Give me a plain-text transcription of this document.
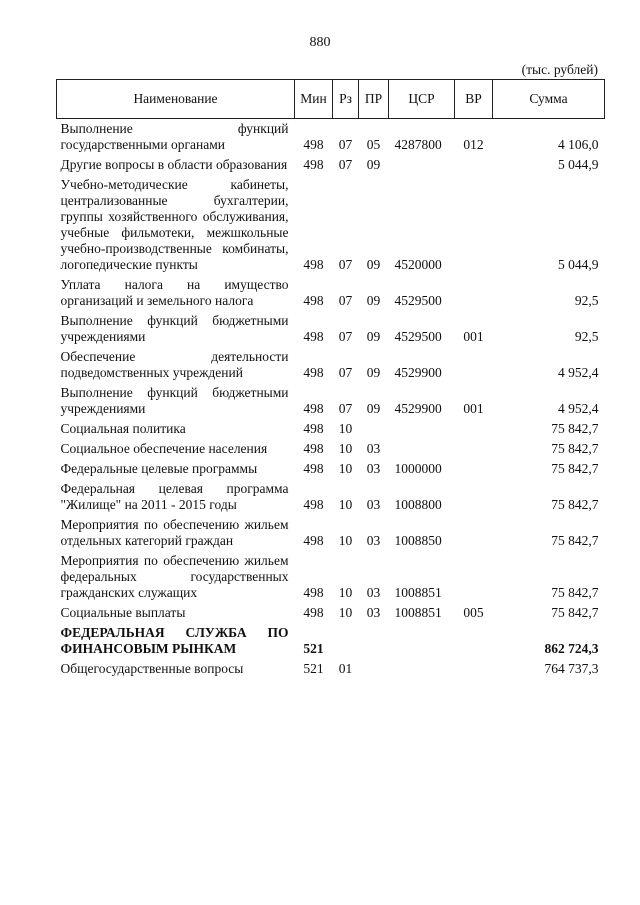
880
(тыс. рублей)
Наименование	Мин	Рз	ПР	ЦСР	ВР	Сумма
Выполнение функций государственными органами	498	07	05	4287800	012	4 106,0
Другие вопросы в области образования	498	07	09			5 044,9
Учебно-методические кабинеты, централизованные бухгалтерии, группы хозяйственного обслуживания, учебные фильмотеки, межшкольные учебно-производственные комбинаты, логопедические пункты	498	07	09	4520000		5 044,9
Уплата налога на имущество организаций и земельного налога	498	07	09	4529500		92,5
Выполнение функций бюджетными учреждениями	498	07	09	4529500	001	92,5
Обеспечение деятельности подведомственных учреждений	498	07	09	4529900		4 952,4
Выполнение функций бюджетными учреждениями	498	07	09	4529900	001	4 952,4
Социальная политика	498	10				75 842,7
Социальное обеспечение населения	498	10	03			75 842,7
Федеральные целевые программы	498	10	03	1000000		75 842,7
Федеральная целевая программа "Жилище" на 2011 - 2015 годы	498	10	03	1008800		75 842,7
Мероприятия по обеспечению жильем отдельных категорий граждан	498	10	03	1008850		75 842,7
Мероприятия по обеспечению жильем федеральных государственных гражданских служащих	498	10	03	1008851		75 842,7
Социальные выплаты	498	10	03	1008851	005	75 842,7
ФЕДЕРАЛЬНАЯ СЛУЖБА ПО ФИНАНСОВЫМ РЫНКАМ	521					862 724,3
Общегосударственные вопросы	521	01				764 737,3
